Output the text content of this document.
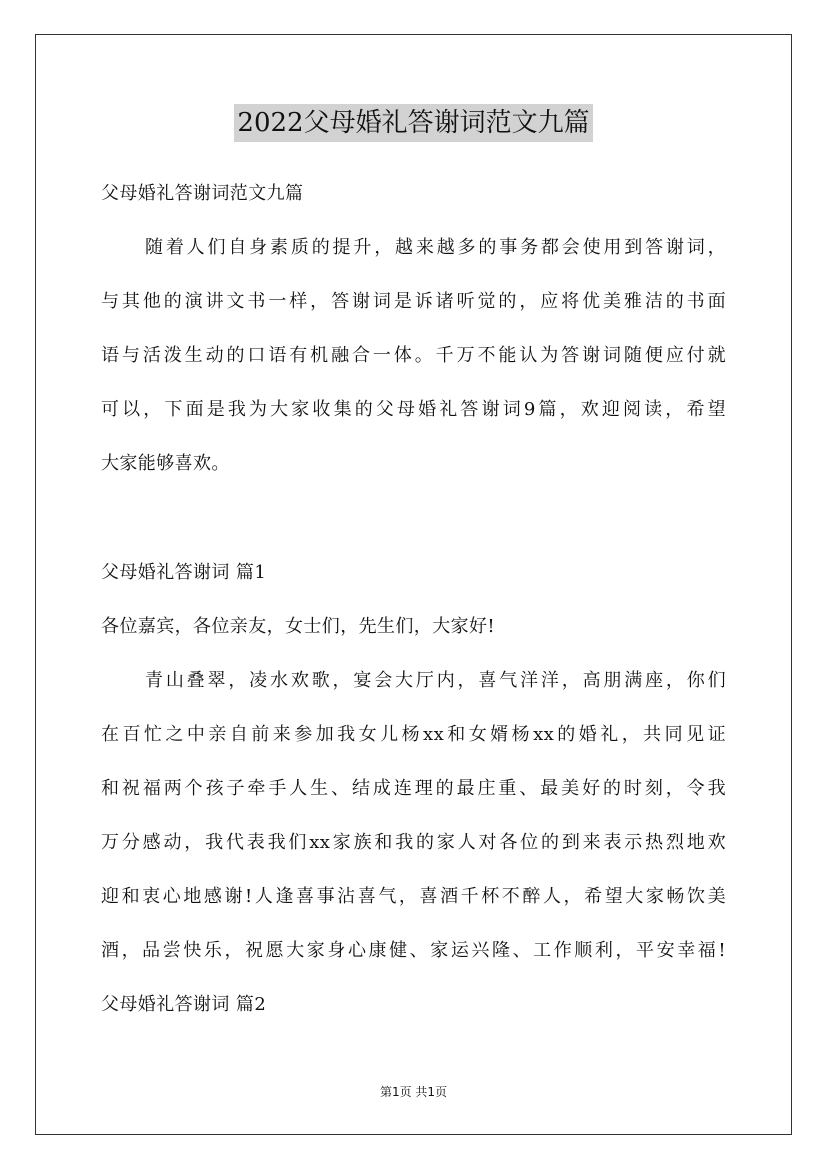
2022父母婚礼答谢词范文九篇
父母婚礼答谢词范文九篇
随着人们自身素质的提升，越来越多的事务都会使用到答谢词，
与其他的演讲文书一样，答谢词是诉诸听觉的，应将优美雅洁的书面
语与活泼生动的口语有机融合一体。千万不能认为答谢词随便应付就
可以，下面是我为大家收集的父母婚礼答谢词9篇，欢迎阅读，希望
大家能够喜欢。
父母婚礼答谢词 篇1
各位嘉宾，各位亲友，女士们，先生们，大家好!
青山叠翠，凌水欢歌，宴会大厅内，喜气洋洋，高朋满座，你们
在百忙之中亲自前来参加我女儿杨xx和女婿杨xx的婚礼，共同见证
和祝福两个孩子牵手人生、结成连理的最庄重、最美好的时刻，令我
万分感动，我代表我们xx家族和我的家人对各位的到来表示热烈地欢
迎和衷心地感谢!人逢喜事沾喜气，喜酒千杯不醉人，希望大家畅饮美
酒，品尝快乐，祝愿大家身心康健、家运兴隆、工作顺利，平安幸福!
父母婚礼答谢词 篇2
第1页 共1页
